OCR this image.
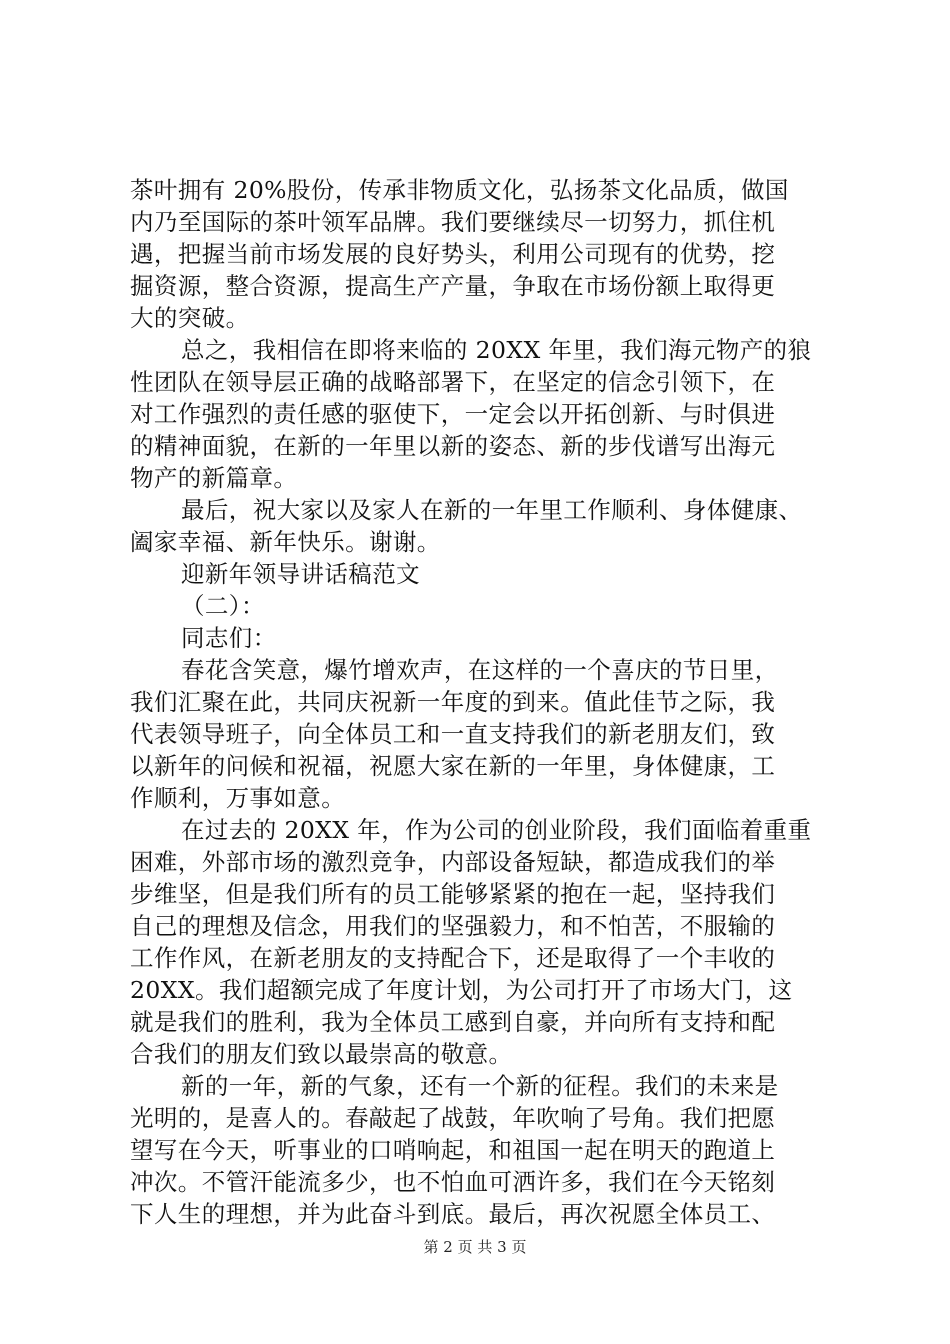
茶叶拥有 20%股份，传承非物质文化，弘扬茶文化品质，做国
内乃至国际的茶叶领军品牌。我们要继续尽一切努力，抓住机
遇，把握当前市场发展的良好势头，利用公司现有的优势，挖
掘资源，整合资源，提高生产产量，争取在市场份额上取得更
大的突破。
总之，我相信在即将来临的 20XX 年里，我们海元物产的狼
性团队在领导层正确的战略部署下，在坚定的信念引领下，在
对工作强烈的责任感的驱使下，一定会以开拓创新、与时俱进
的精神面貌，在新的一年里以新的姿态、新的步伐谱写出海元
物产的新篇章。
最后，祝大家以及家人在新的一年里工作顺利、身体健康、
阖家幸福、新年快乐。谢谢。
迎新年领导讲话稿范文
（二）：
同志们：
春花含笑意，爆竹增欢声，在这样的一个喜庆的节日里，
我们汇聚在此，共同庆祝新一年度的到来。值此佳节之际，我
代表领导班子，向全体员工和一直支持我们的新老朋友们，致
以新年的问候和祝福，祝愿大家在新的一年里，身体健康，工
作顺利，万事如意。
在过去的 20XX 年，作为公司的创业阶段，我们面临着重重
困难，外部市场的激烈竞争，内部设备短缺，都造成我们的举
步维坚，但是我们所有的员工能够紧紧的抱在一起，坚持我们
自己的理想及信念，用我们的坚强毅力，和不怕苦，不服输的
工作作风，在新老朋友的支持配合下，还是取得了一个丰收的
20XX。我们超额完成了年度计划，为公司打开了市场大门，这
就是我们的胜利，我为全体员工感到自豪，并向所有支持和配
合我们的朋友们致以最崇高的敬意。
新的一年，新的气象，还有一个新的征程。我们的未来是
光明的，是喜人的。春敲起了战鼓，年吹响了号角。我们把愿
望写在今天，听事业的口哨响起，和祖国一起在明天的跑道上
冲次。不管汗能流多少，也不怕血可洒许多，我们在今天铭刻
下人生的理想，并为此奋斗到底。最后，再次祝愿全体员工、
第 2 页 共 3 页
